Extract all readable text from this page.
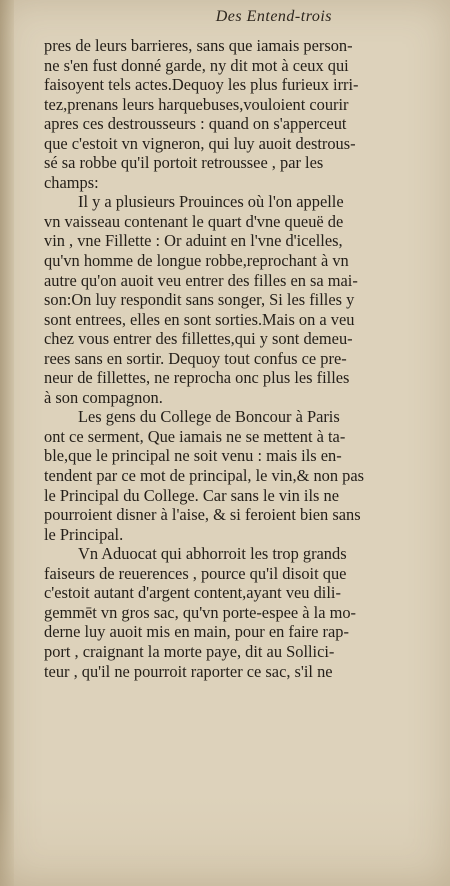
Des Entend-trois
pres de leurs barrieres, sans que iamais person-
ne s'en fust donné garde, ny dit mot à ceux qui
faisoyent tels actes.Dequoy les plus furieux irri-
tez,prenans leurs harquebuses,vouloient courir
apres ces destrousseurs : quand on s'apperceut
que c'estoit vn vigneron, qui luy auoit destrous-
sé sa robbe qu'il portoit retroussee , par les
champs:
Il y a plusieurs Prouinces où l'on appelle
vn vaisseau contenant le quart d'vne queuë de
vin , vne Fillette : Or aduint en l'vne d'icelles,
qu'vn homme de longue robbe,reprochant à vn
autre qu'on auoit veu entrer des filles en sa mai-
son:On luy respondit sans songer, Si les filles y
sont entrees, elles en sont sorties.Mais on a veu
chez vous entrer des fillettes,qui y sont demeu-
rees sans en sortir. Dequoy tout confus ce pre-
neur de fillettes, ne reprocha onc plus les filles
à son compagnon.
Les gens du College de Boncour à Paris
ont ce serment, Que iamais ne se mettent à ta-
ble,que le principal ne soit venu : mais ils en-
tendent par ce mot de principal, le vin,& non pas
le Principal du College. Car sans le vin ils ne
pourroient disner à l'aise, & si feroient bien sans
le Principal.
Vn Aduocat qui abhorroit les trop grands
faiseurs de reuerences , pource qu'il disoit que
c'estoit autant d'argent content,ayant veu dili-
gemmēt vn gros sac, qu'vn porte-espee à la mo-
derne luy auoit mis en main, pour en faire rap-
port , craignant la morte paye, dit au Sollici-
teur , qu'il ne pourroit raporter ce sac, s'il ne
